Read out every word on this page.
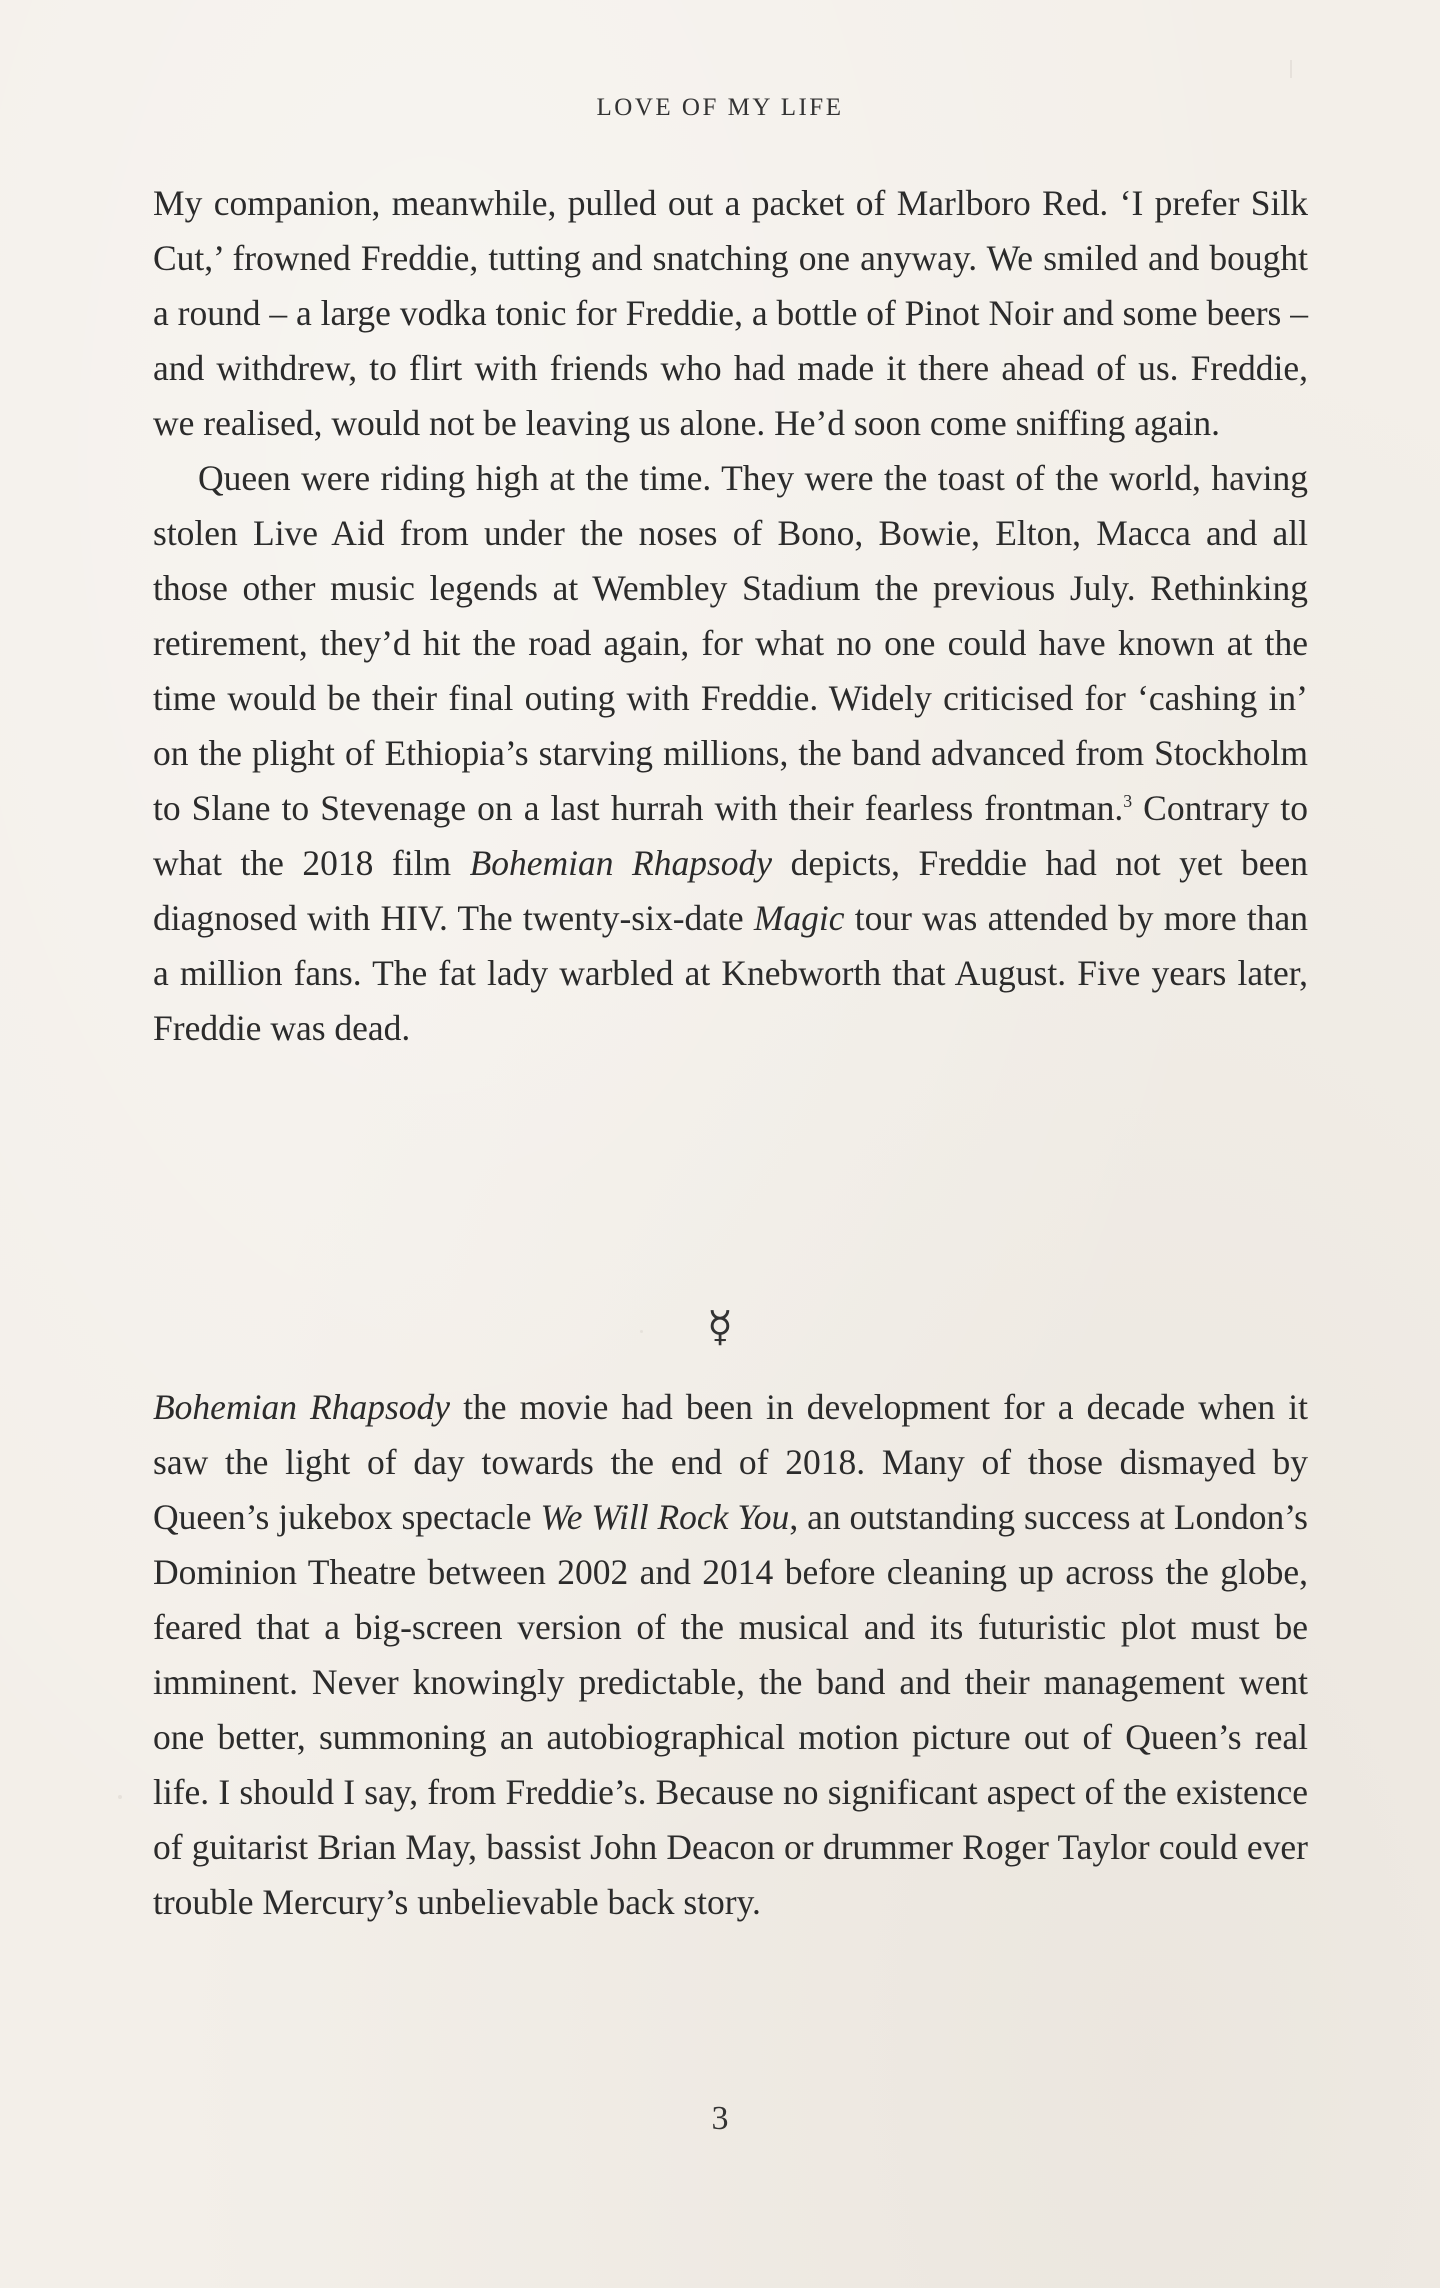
LOVE OF MY LIFE

My companion, meanwhile, pulled out a packet of Marlboro Red. ‘I prefer Silk Cut,’ frowned Freddie, tutting and snatching one anyway. We smiled and bought a round – a large vodka tonic for Freddie, a bottle of Pinot Noir and some beers – and withdrew, to flirt with friends who had made it there ahead of us. Freddie, we realised, would not be leaving us alone. He’d soon come sniffing again.

Queen were riding high at the time. They were the toast of the world, having stolen Live Aid from under the noses of Bono, Bowie, Elton, Macca and all those other music legends at Wembley Stadium the previous July. Rethinking retirement, they’d hit the road again, for what no one could have known at the time would be their final outing with Freddie. Widely criticised for ‘cashing in’ on the plight of Ethiopia’s starving millions, the band advanced from Stockholm to Slane to Stevenage on a last hurrah with their fearless frontman.$^3$ Contrary to what the 2018 film Bohemian Rhapsody depicts, Freddie had not yet been diagnosed with HIV. The twenty-six-date Magic tour was attended by more than a million fans. The fat lady warbled at Knebworth that August. Five years later, Freddie was dead.

☿

Bohemian Rhapsody the movie had been in development for a decade when it saw the light of day towards the end of 2018. Many of those dismayed by Queen’s jukebox spectacle We Will Rock You, an outstanding success at London’s Dominion Theatre between 2002 and 2014 before cleaning up across the globe, feared that a big-screen version of the musical and its futuristic plot must be imminent. Never knowingly predictable, the band and their management went one better, summoning an autobiographical motion picture out of Queen’s real life. I should I say, from Freddie’s. Because no significant aspect of the existence of guitarist Brian May, bassist John Deacon or drummer Roger Taylor could ever trouble Mercury’s unbelievable back story.

3
